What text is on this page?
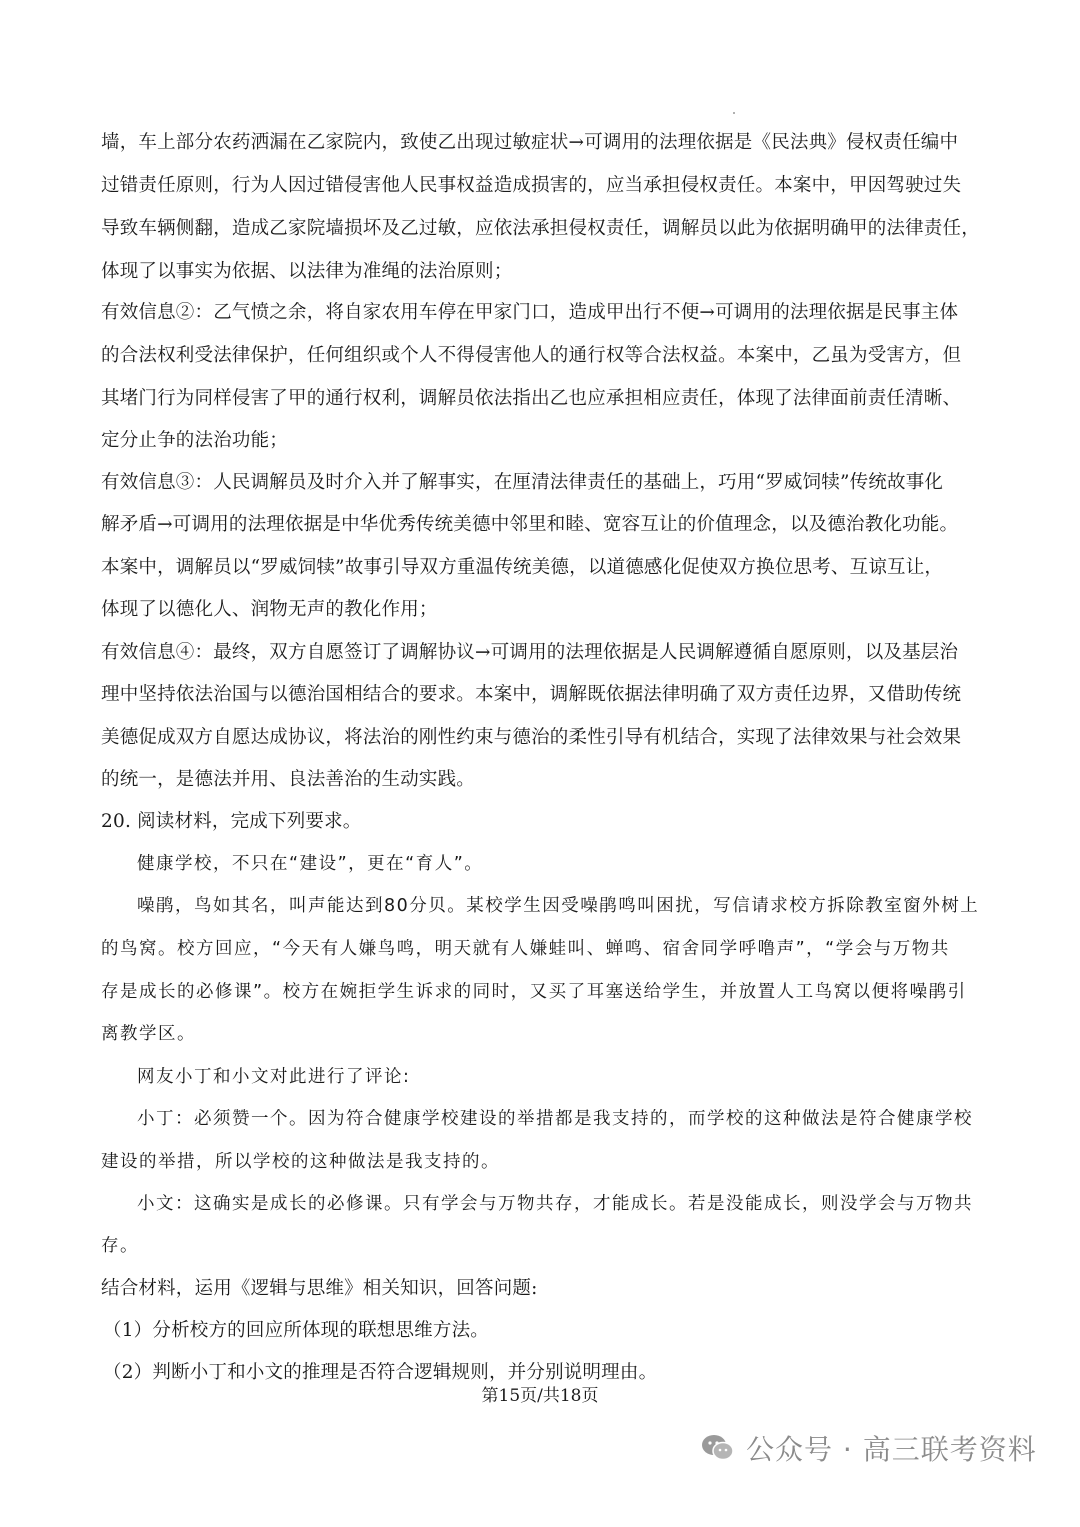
墙，车上部分农药洒漏在乙家院内，致使乙出现过敏症状→可调用的法理依据是《民法典》侵权责任编中
过错责任原则，行为人因过错侵害他人民事权益造成损害的，应当承担侵权责任。本案中，甲因驾驶过失
导致车辆侧翻，造成乙家院墙损坏及乙过敏，应依法承担侵权责任，调解员以此为依据明确甲的法律责任，
体现了以事实为依据、以法律为准绳的法治原则；
有效信息②：乙气愤之余，将自家农用车停在甲家门口，造成甲出行不便→可调用的法理依据是民事主体
的合法权利受法律保护，任何组织或个人不得侵害他人的通行权等合法权益。本案中，乙虽为受害方，但
其堵门行为同样侵害了甲的通行权利，调解员依法指出乙也应承担相应责任，体现了法律面前责任清晰、
定分止争的法治功能；
有效信息③：人民调解员及时介入并了解事实，在厘清法律责任的基础上，巧用“罗威饲犊”传统故事化
解矛盾→可调用的法理依据是中华优秀传统美德中邻里和睦、宽容互让的价值理念，以及德治教化功能。
本案中，调解员以“罗威饲犊”故事引导双方重温传统美德，以道德感化促使双方换位思考、互谅互让，
体现了以德化人、润物无声的教化作用；
有效信息④：最终，双方自愿签订了调解协议→可调用的法理依据是人民调解遵循自愿原则，以及基层治
理中坚持依法治国与以德治国相结合的要求。本案中，调解既依据法律明确了双方责任边界，又借助传统
美德促成双方自愿达成协议，将法治的刚性约束与德治的柔性引导有机结合，实现了法律效果与社会效果
的统一，是德法并用、良法善治的生动实践。
20. 阅读材料，完成下列要求。
健康学校，不只在“建设”，更在“育人”。
噪鹃，鸟如其名，叫声能达到80分贝。某校学生因受噪鹃鸣叫困扰，写信请求校方拆除教室窗外树上
的鸟窝。校方回应，“今天有人嫌鸟鸣，明天就有人嫌蛙叫、蝉鸣、宿舍同学呼噜声”，“学会与万物共
存是成长的必修课”。校方在婉拒学生诉求的同时，又买了耳塞送给学生，并放置人工鸟窝以便将噪鹃引
离教学区。
网友小丁和小文对此进行了评论:
小丁：必须赞一个。因为符合健康学校建设的举措都是我支持的，而学校的这种做法是符合健康学校
建设的举措，所以学校的这种做法是我支持的。
小文：这确实是成长的必修课。只有学会与万物共存，才能成长。若是没能成长，则没学会与万物共
存。
结合材料，运用《逻辑与思维》相关知识，回答问题:
（1）分析校方的回应所体现的联想思维方法。
（2）判断小丁和小文的推理是否符合逻辑规则，并分别说明理由。
第15页/共18页
公众号 · 高三联考资料
